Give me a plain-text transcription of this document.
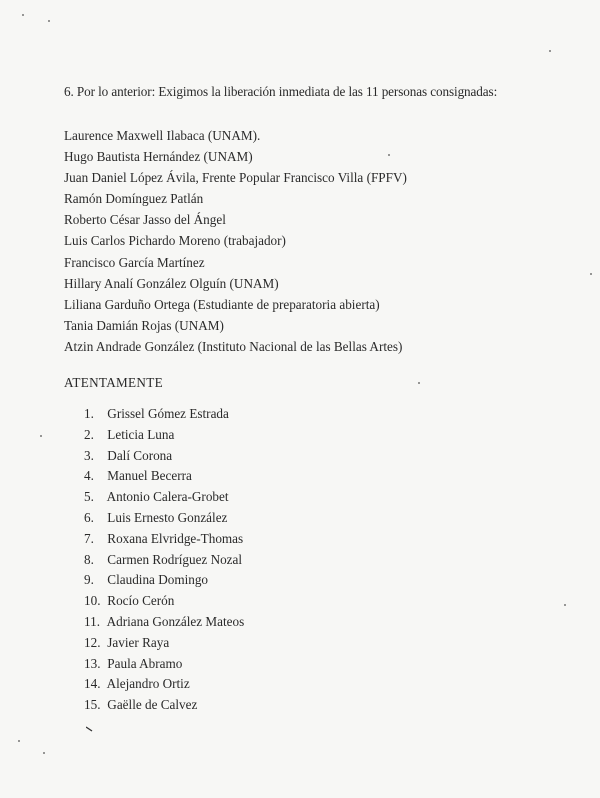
6. Por lo anterior: Exigimos la liberación inmediata de las 11 personas consignadas:
Laurence Maxwell Ilabaca (UNAM).
Hugo Bautista Hernández (UNAM)
Juan Daniel López Ávila, Frente Popular Francisco Villa (FPFV)
Ramón Domínguez Patlán
Roberto César Jasso del Ángel
Luis Carlos Pichardo Moreno (trabajador)
Francisco García Martínez
Hillary Analí González Olguín (UNAM)
Liliana Garduño Ortega (Estudiante de preparatoria abierta)
Tania Damián Rojas (UNAM)
Atzin Andrade González (Instituto Nacional de las Bellas Artes)
ATENTAMENTE
1. Grissel Gómez Estrada
2. Leticia Luna
3. Dalí Corona
4. Manuel Becerra
5. Antonio Calera-Grobet
6. Luis Ernesto González
7. Roxana Elvridge-Thomas
8. Carmen Rodríguez Nozal
9. Claudina Domingo
10. Rocío Cerón
11. Adriana González Mateos
12. Javier Raya
13. Paula Abramo
14. Alejandro Ortiz
15. Gaëlle de Calvez
